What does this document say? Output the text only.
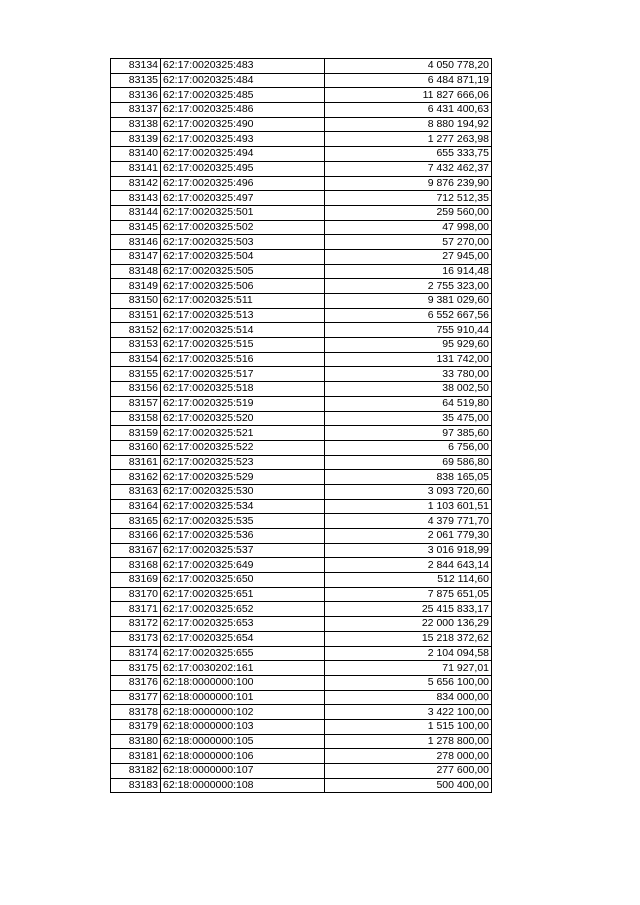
83134	62:17:0020325:483	4 050 778,20
83135	62:17:0020325:484	6 484 871,19
83136	62:17:0020325:485	11 827 666,06
83137	62:17:0020325:486	6 431 400,63
83138	62:17:0020325:490	8 880 194,92
83139	62:17:0020325:493	1 277 263,98
83140	62:17:0020325:494	655 333,75
83141	62:17:0020325:495	7 432 462,37
83142	62:17:0020325:496	9 876 239,90
83143	62:17:0020325:497	712 512,35
83144	62:17:0020325:501	259 560,00
83145	62:17:0020325:502	47 998,00
83146	62:17:0020325:503	57 270,00
83147	62:17:0020325:504	27 945,00
83148	62:17:0020325:505	16 914,48
83149	62:17:0020325:506	2 755 323,00
83150	62:17:0020325:511	9 381 029,60
83151	62:17:0020325:513	6 552 667,56
83152	62:17:0020325:514	755 910,44
83153	62:17:0020325:515	95 929,60
83154	62:17:0020325:516	131 742,00
83155	62:17:0020325:517	33 780,00
83156	62:17:0020325:518	38 002,50
83157	62:17:0020325:519	64 519,80
83158	62:17:0020325:520	35 475,00
83159	62:17:0020325:521	97 385,60
83160	62:17:0020325:522	6 756,00
83161	62:17:0020325:523	69 586,80
83162	62:17:0020325:529	838 165,05
83163	62:17:0020325:530	3 093 720,60
83164	62:17:0020325:534	1 103 601,51
83165	62:17:0020325:535	4 379 771,70
83166	62:17:0020325:536	2 061 779,30
83167	62:17:0020325:537	3 016 918,99
83168	62:17:0020325:649	2 844 643,14
83169	62:17:0020325:650	512 114,60
83170	62:17:0020325:651	7 875 651,05
83171	62:17:0020325:652	25 415 833,17
83172	62:17:0020325:653	22 000 136,29
83173	62:17:0020325:654	15 218 372,62
83174	62:17:0020325:655	2 104 094,58
83175	62:17:0030202:161	71 927,01
83176	62:18:0000000:100	5 656 100,00
83177	62:18:0000000:101	834 000,00
83178	62:18:0000000:102	3 422 100,00
83179	62:18:0000000:103	1 515 100,00
83180	62:18:0000000:105	1 278 800,00
83181	62:18:0000000:106	278 000,00
83182	62:18:0000000:107	277 600,00
83183	62:18:0000000:108	500 400,00
